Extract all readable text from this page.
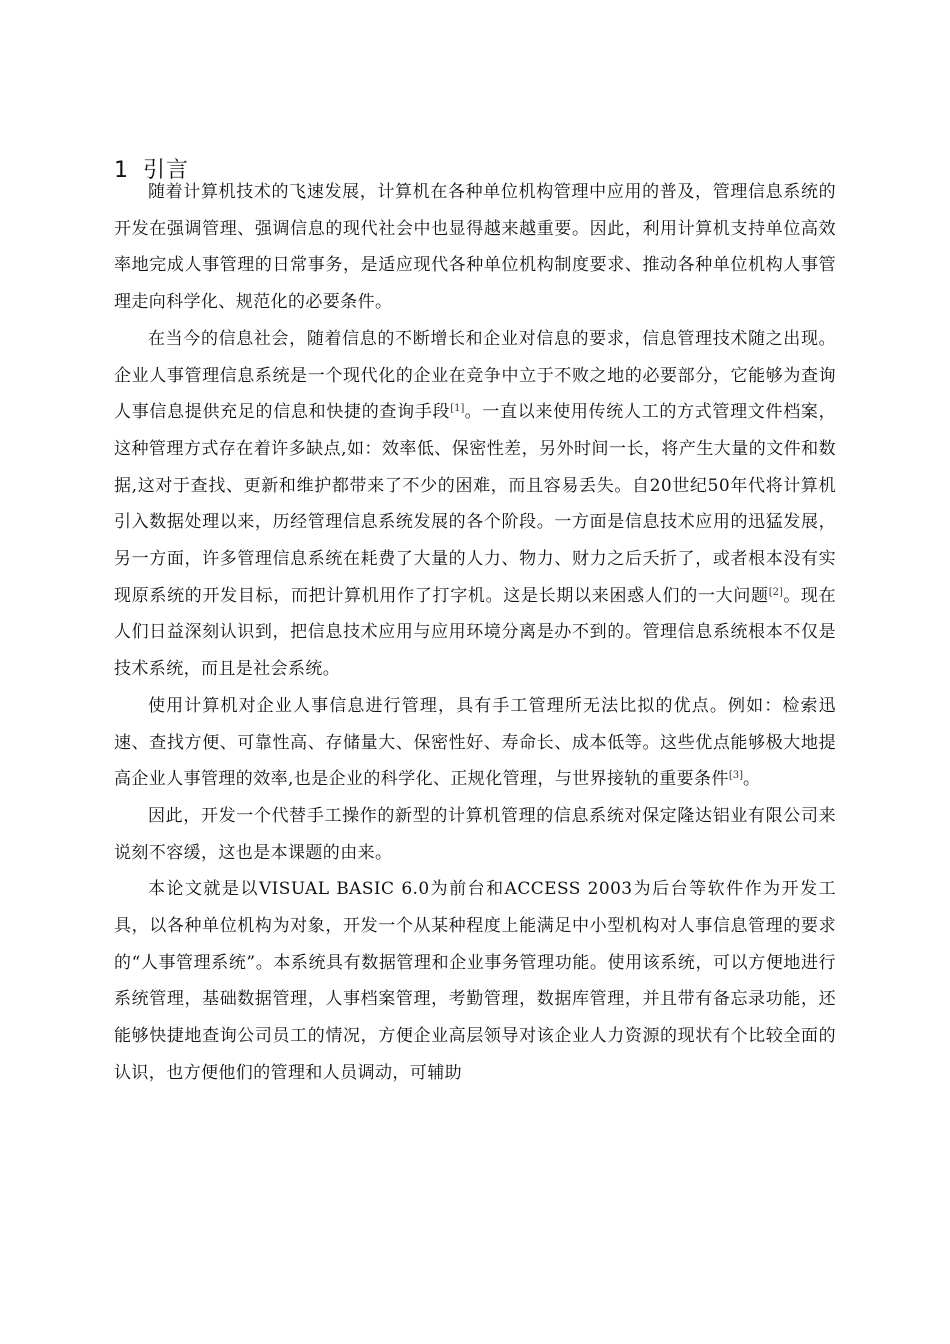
1 引言

随着计算机技术的飞速发展，计算机在各种单位机构管理中应用的普及，管理信息系统的开发在强调管理、强调信息的现代社会中也显得越来越重要。因此，利用计算机支持单位高效率地完成人事管理的日常事务，是适应现代各种单位机构制度要求、推动各种单位机构人事管理走向科学化、规范化的必要条件。

在当今的信息社会，随着信息的不断增长和企业对信息的要求，信息管理技术随之出现。企业人事管理信息系统是一个现代化的企业在竞争中立于不败之地的必要部分，它能够为查询人事信息提供充足的信息和快捷的查询手段[1]。一直以来使用传统人工的方式管理文件档案，这种管理方式存在着许多缺点,如：效率低、保密性差，另外时间一长，将产生大量的文件和数据,这对于查找、更新和维护都带来了不少的困难，而且容易丢失。自20世纪50年代将计算机引入数据处理以来，历经管理信息系统发展的各个阶段。一方面是信息技术应用的迅猛发展，另一方面，许多管理信息系统在耗费了大量的人力、物力、财力之后夭折了，或者根本没有实现原系统的开发目标，而把计算机用作了打字机。这是长期以来困惑人们的一大问题[2]。现在人们日益深刻认识到，把信息技术应用与应用环境分离是办不到的。管理信息系统根本不仅是技术系统，而且是社会系统。

使用计算机对企业人事信息进行管理，具有手工管理所无法比拟的优点。例如：检索迅速、查找方便、可靠性高、存储量大、保密性好、寿命长、成本低等。这些优点能够极大地提高企业人事管理的效率,也是企业的科学化、正规化管理，与世界接轨的重要条件[3]。

因此，开发一个代替手工操作的新型的计算机管理的信息系统对保定隆达铝业有限公司来说刻不容缓，这也是本课题的由来。

本论文就是以VISUAL BASIC 6.0为前台和ACCESS 2003为后台等软件作为开发工具，以各种单位机构为对象，开发一个从某种程度上能满足中小型机构对人事信息管理的要求的“人事管理系统”。本系统具有数据管理和企业事务管理功能。使用该系统，可以方便地进行系统管理，基础数据管理，人事档案管理，考勤管理，数据库管理，并且带有备忘录功能，还能够快捷地查询公司员工的情况，方便企业高层领导对该企业人力资源的现状有个比较全面的认识，也方便他们的管理和人员调动，可辅助
